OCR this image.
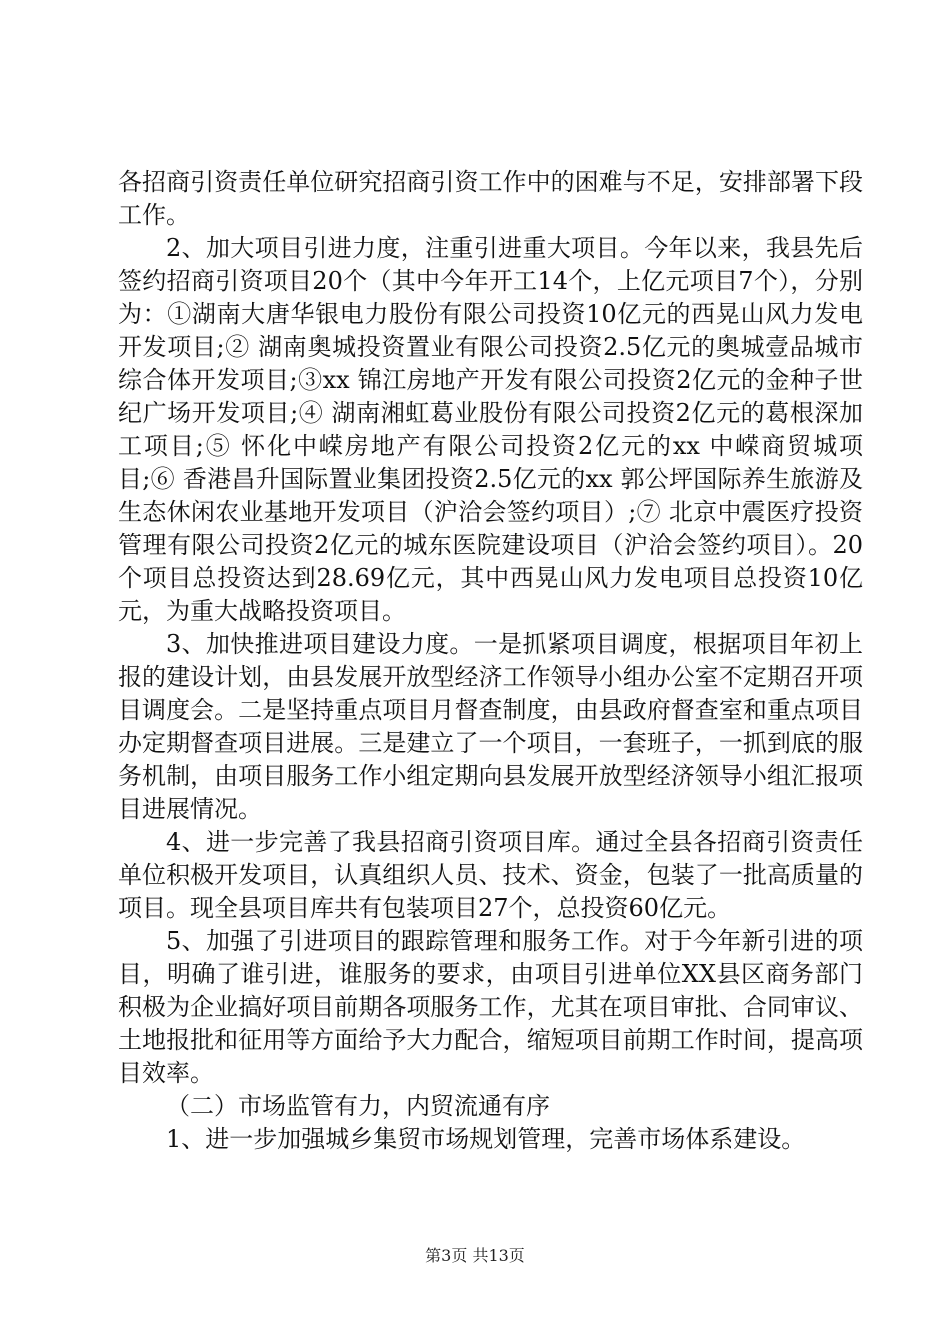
各招商引资责任单位研究招商引资工作中的困难与不足，安排部署下段工作。

2、加大项目引进力度，注重引进重大项目。今年以来，我县先后签约招商引资项目20个（其中今年开工14个，上亿元项目7个），分别为：①湖南大唐华银电力股份有限公司投资10亿元的西晃山风力发电开发项目;② 湖南奥城投资置业有限公司投资2.5亿元的奥城壹品城市综合体开发项目;③xx 锦江房地产开发有限公司投资2亿元的金种子世纪广场开发项目;④ 湖南湘虹葛业股份有限公司投资2亿元的葛根深加工项目;⑤ 怀化中嵘房地产有限公司投资2亿元的xx 中嵘商贸城项目;⑥ 香港昌升国际置业集团投资2.5亿元的xx 郭公坪国际养生旅游及生态休闲农业基地开发项目（沪洽会签约项目）;⑦ 北京中震医疗投资管理有限公司投资2亿元的城东医院建设项目（沪洽会签约项目）。20个项目总投资达到28.69亿元，其中西晃山风力发电项目总投资10亿元，为重大战略投资项目。

3、加快推进项目建设力度。一是抓紧项目调度，根据项目年初上报的建设计划，由县发展开放型经济工作领导小组办公室不定期召开项目调度会。二是坚持重点项目月督查制度，由县政府督查室和重点项目办定期督查项目进展。三是建立了一个项目，一套班子，一抓到底的服务机制，由项目服务工作小组定期向县发展开放型经济领导小组汇报项目进展情况。

4、进一步完善了我县招商引资项目库。通过全县各招商引资责任单位积极开发项目，认真组织人员、技术、资金，包装了一批高质量的项目。现全县项目库共有包装项目27个，总投资60亿元。

5、加强了引进项目的跟踪管理和服务工作。对于今年新引进的项目，明确了谁引进，谁服务的要求，由项目引进单位XX县区商务部门积极为企业搞好项目前期各项服务工作，尤其在项目审批、合同审议、土地报批和征用等方面给予大力配合，缩短项目前期工作时间，提高项目效率。

（二）市场监管有力，内贸流通有序

1、进一步加强城乡集贸市场规划管理，完善市场体系建设。

第3页 共13页
